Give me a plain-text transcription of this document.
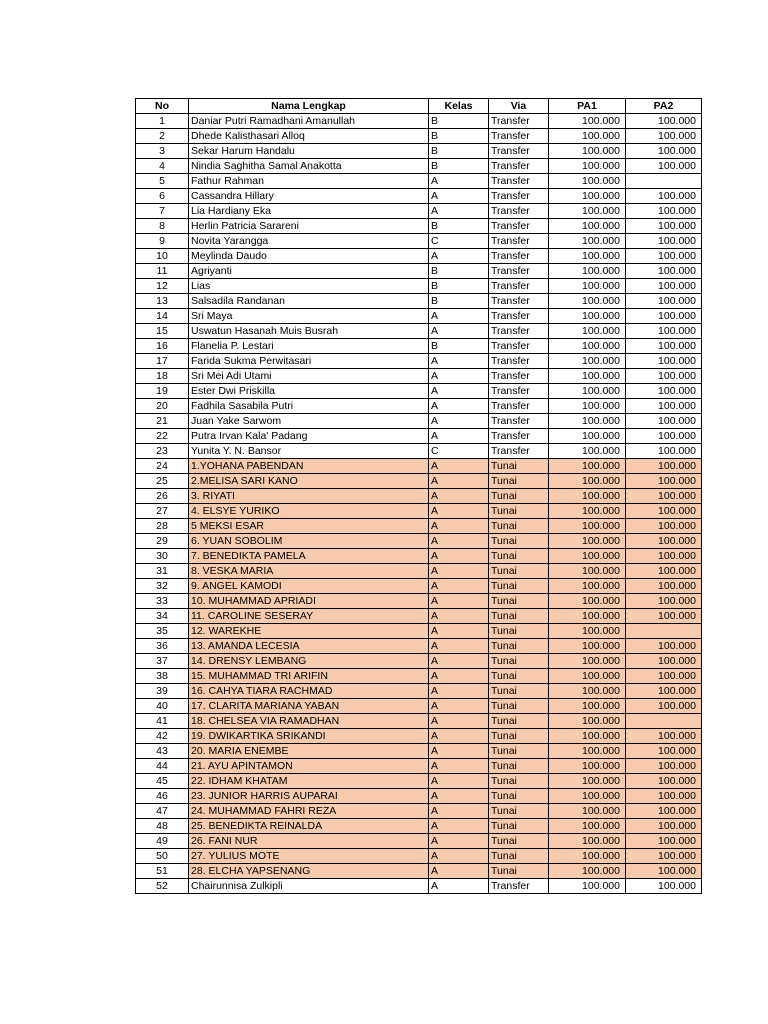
No	Nama Lengkap	Kelas	Via	PA1	PA2
1	Daniar Putri Ramadhani Amanullah	B	Transfer	100.000	100.000
2	Dhede Kalisthasari Alloq	B	Transfer	100.000	100.000
3	Sekar Harum Handalu	B	Transfer	100.000	100.000
4	Nindia Saghitha Samal Anakotta	B	Transfer	100.000	100.000
5	Fathur Rahman	A	Transfer	100.000	
6	Cassandra Hillary	A	Transfer	100.000	100.000
7	Lia Hardiany Eka	A	Transfer	100.000	100.000
8	Herlin Patricia Sarareni	B	Transfer	100.000	100.000
9	Novita Yarangga	C	Transfer	100.000	100.000
10	Meylinda Daudo	A	Transfer	100.000	100.000
11	Agriyanti	B	Transfer	100.000	100.000
12	Lias	B	Transfer	100.000	100.000
13	Salsadila Randanan	B	Transfer	100.000	100.000
14	Sri Maya	A	Transfer	100.000	100.000
15	Uswatun Hasanah Muis Busrah	A	Transfer	100.000	100.000
16	Flanelia P. Lestari	B	Transfer	100.000	100.000
17	Farida Sukma Perwitasari	A	Transfer	100.000	100.000
18	Sri Mei Adi Utami	A	Transfer	100.000	100.000
19	Ester Dwi Priskilla	A	Transfer	100.000	100.000
20	Fadhila Sasabila Putri	A	Transfer	100.000	100.000
21	Juan Yake Sarwom	A	Transfer	100.000	100.000
22	Putra Irvan Kala' Padang	A	Transfer	100.000	100.000
23	Yunita Y. N. Bansor	C	Transfer	100.000	100.000
24	1.YOHANA PABENDAN	A	Tunai	100.000	100.000
25	2.MELISA SARI KANO	A	Tunai	100.000	100.000
26	3. RIYATI	A	Tunai	100.000	100.000
27	4. ELSYE YURIKO	A	Tunai	100.000	100.000
28	5 MEKSI ESAR	A	Tunai	100.000	100.000
29	6. YUAN SOBOLIM	A	Tunai	100.000	100.000
30	7. BENEDIKTA PAMELA	A	Tunai	100.000	100.000
31	8. VESKA MARIA	A	Tunai	100.000	100.000
32	9. ANGEL KAMODI	A	Tunai	100.000	100.000
33	10. MUHAMMAD APRIADI	A	Tunai	100.000	100.000
34	11. CAROLINE SESERAY	A	Tunai	100.000	100.000
35	12. WAREKHE	A	Tunai	100.000	
36	13. AMANDA LECESIA	A	Tunai	100.000	100.000
37	14. DRENSY LEMBANG	A	Tunai	100.000	100.000
38	15. MUHAMMAD TRI ARIFIN	A	Tunai	100.000	100.000
39	16. CAHYA TIARA RACHMAD	A	Tunai	100.000	100.000
40	17. CLARITA MARIANA YABAN	A	Tunai	100.000	100.000
41	18. CHELSEA VIA RAMADHAN	A	Tunai	100.000	
42	19. DWIKARTIKA SRIKANDI	A	Tunai	100.000	100.000
43	20. MARIA ENEMBE	A	Tunai	100.000	100.000
44	21. AYU APINTAMON	A	Tunai	100.000	100.000
45	22. IDHAM KHATAM	A	Tunai	100.000	100.000
46	23. JUNIOR HARRIS AUPARAI	A	Tunai	100.000	100.000
47	24. MUHAMMAD FAHRI REZA	A	Tunai	100.000	100.000
48	25. BENEDIKTA REINALDA	A	Tunai	100.000	100.000
49	26. FANI NUR	A	Tunai	100.000	100.000
50	27. YULIUS MOTE	A	Tunai	100.000	100.000
51	28. ELCHA YAPSENANG	A	Tunai	100.000	100.000
52	Chairunnisa Zulkipli	A	Transfer	100.000	100.000
